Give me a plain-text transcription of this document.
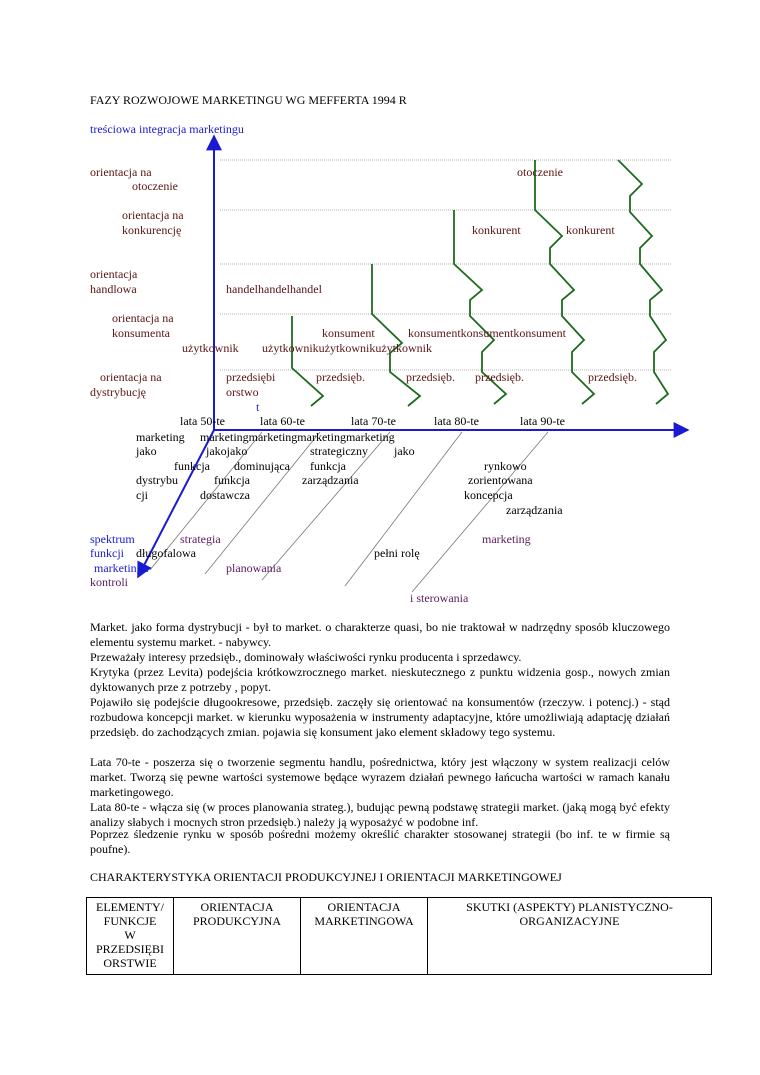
FAZY ROZWOJOWE MARKETINGU WG MEFFERTA 1994 R
treściowa integracja marketingu
orientacja na
otoczenie
otoczenie
orientacja na
konkurencję	konkurent	konkurent
orientacja
handlowa	handelhandelhandel
orientacja na
konsumenta	konsument	konsumentkonsumentkonsument
użytkownik użytkownikużytkownikużytkownik
orientacja na
dystrybucję
przedsiębi
orstwo
przedsięb.	przedsięb. przedsięb.	przedsięb.
t
lata 50-te	lata 60-te	lata 70-te	lata 80-te	lata 90-te
marketing
jako
funkcja
dystrybu
cji
marketingmarketingmarketingmarketing
jakojako
dominująca
funkcja
dostawcza
strategiczny
funkcja
zarządzania
jako
rynkowo
zorientowana
koncepcja
zarządzania
spektrum
funkcji
marketingu
kontroli
strategia
długofalowa
planowania
pełni rolę
marketing
i sterowania
Market. jako forma dystrybucji - był to market. o charakterze quasi, bo nie traktował w nadrzędny sposób kluczowego elementu systemu market. - nabywcy.
Przeważały interesy przedsięb., dominowały właściwości rynku producenta i sprzedawcy.
Krytyka (przez Levita) podejścia krótkowzrocznego market. nieskutecznego z punktu widzenia gosp., nowych zmian dyktowanych prze z potrzeby , popyt.
Pojawiło się podejście długookresowe, przedsięb. zaczęły się orientować na konsumentów (rzeczyw. i potencj.) - stąd rozbudowa koncepcji market. w kierunku wyposażenia w instrumenty adaptacyjne, które umożliwiają adaptację działań przedsięb. do zachodzących zmian. pojawia się konsument jako element składowy tego systemu.
Lata 70-te - poszerza się o tworzenie segmentu handlu, pośrednictwa, który jest włączony w system realizacji celów market. Tworzą się pewne wartości systemowe będące wyrazem działań pewnego łańcucha wartości w ramach kanału marketingowego.
Lata 80-te - włącza się (w proces planowania strateg.), budując pewną podstawę strategii market. (jaką mogą być efekty analizy słabych i mocnych stron przedsięb.) należy ją wyposażyć w podobne inf.
Poprzez śledzenie rynku w sposób pośredni możemy określić charakter stosowanej strategii (bo inf. te w firmie są poufne).
CHARAKTERYSTYKA ORIENTACJI PRODUKCYJNEJ I ORIENTACJI MARKETINGOWEJ
ELEMENTY/
FUNKCJE
W
PRZEDSIĘBI
ORSTWIE

ORIENTACJA
PRODUKCYJNA

ORIENTACJA
MARKETINGOWA

SKUTKI (ASPEKTY) PLANISTYCZNO-
ORGANIZACYJNE
